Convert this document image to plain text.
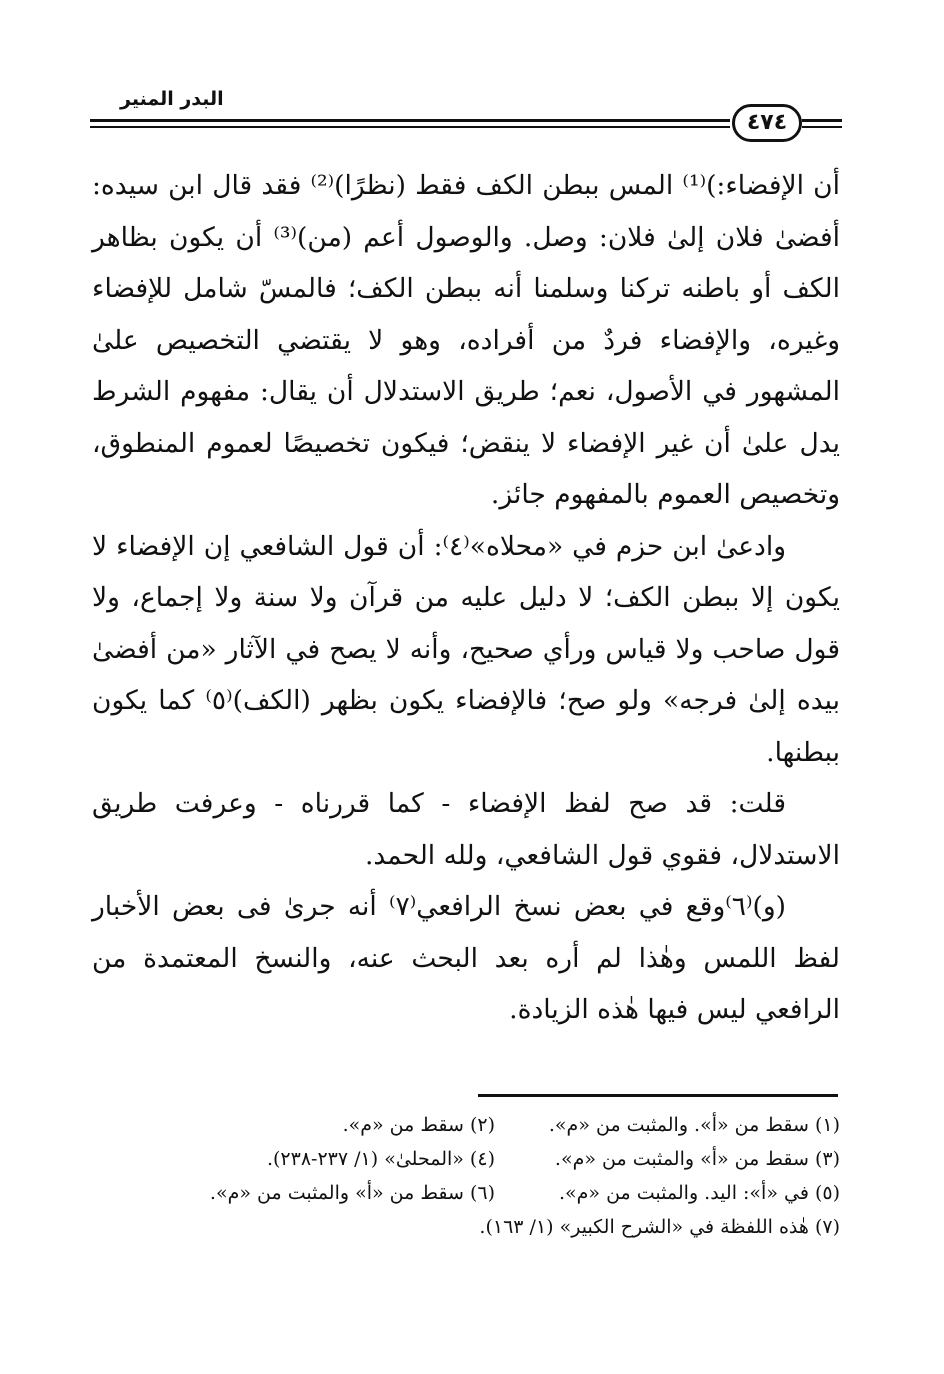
البدر المنير
٤٧٤

أن الإفضاء:)⁽¹⁾ المس ببطن الكف فقط (نظرًا)⁽²⁾ فقد قال ابن سيده: أفضىٰ فلان إلىٰ فلان: وصل. والوصول أعم (من)⁽³⁾ أن يكون بظاهر الكف أو باطنه تركنا وسلمنا أنه ببطن الكف؛ فالمسّ شامل للإفضاء وغيره، والإفضاء فردٌ من أفراده، وهو لا يقتضي التخصيص علىٰ المشهور في الأصول، نعم؛ طريق الاستدلال أن يقال: مفهوم الشرط يدل علىٰ أن غير الإفضاء لا ينقض؛ فيكون تخصيصًا لعموم المنطوق، وتخصيص العموم بالمفهوم جائز.

وادعىٰ ابن حزم في «محلاه»⁽٤⁾: أن قول الشافعي إن الإفضاء لا يكون إلا ببطن الكف؛ لا دليل عليه من قرآن ولا سنة ولا إجماع، ولا قول صاحب ولا قياس ورأي صحيح، وأنه لا يصح في الآثار «من أفضىٰ بيده إلىٰ فرجه» ولو صح؛ فالإفضاء يكون بظهر (الكف)⁽٥⁾ كما يكون ببطنها.

قلت: قد صح لفظ الإفضاء - كما قررناه - وعرفت طريق الاستدلال، فقوي قول الشافعي، ولله الحمد.

(و)⁽٦⁾وقع في بعض نسخ الرافعي⁽٧⁾ أنه جرىٰ فى بعض الأخبار لفظ اللمس وهٰذا لم أره بعد البحث عنه، والنسخ المعتمدة من الرافعي ليس فيها هٰذه الزيادة.

(١) سقط من «أ». والمثبت من «م».
(٢) سقط من «م».
(٣) سقط من «أ» والمثبت من «م».
(٤) «المحلىٰ» (١/ ٢٣٧-٢٣٨).
(٥) في «أ»: اليد. والمثبت من «م».
(٦) سقط من «أ» والمثبت من «م».
(٧) هٰذه اللفظة في «الشرح الكبير» (١/ ١٦٣).
